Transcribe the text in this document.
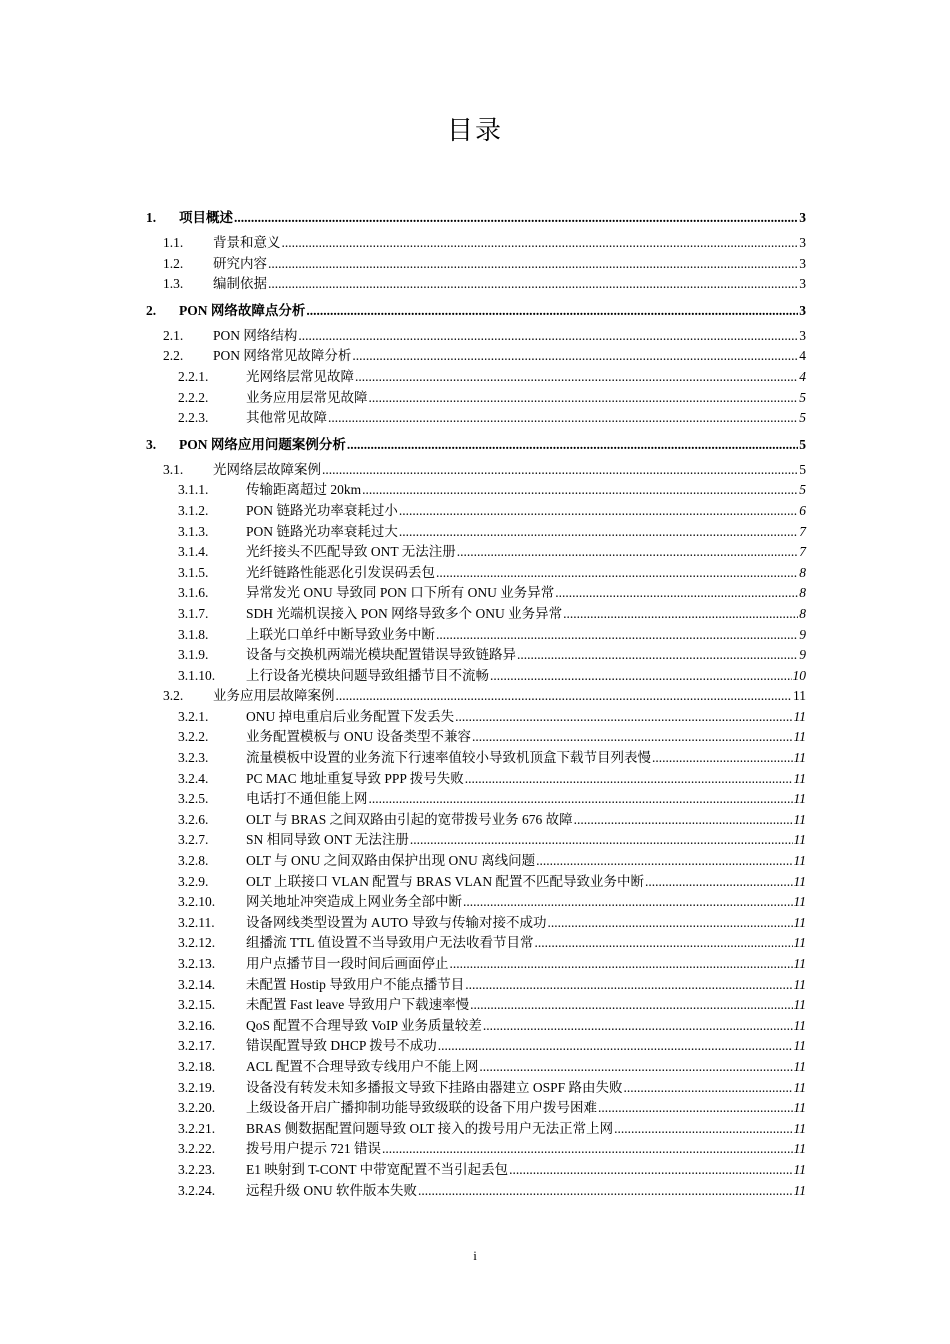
目录
1.	项目概述 .....	3
1.1.	背景和意义 .....	3
1.2.	研究内容 .....	3
1.3.	编制依据 .....	3
2.	PON 网络故障点分析 .....	3
2.1.	PON 网络结构 .....	3
2.2.	PON 网络常见故障分析 .....	4
2.2.1.	光网络层常见故障 .....	4
2.2.2.	业务应用层常见故障 .....	5
2.2.3.	其他常见故障 .....	5
3.	PON 网络应用问题案例分析 .....	5
3.1.	光网络层故障案例 .....	5
3.1.1.	传输距离超过 20km .....	5
3.1.2.	PON 链路光功率衰耗过小 .....	6
3.1.3.	PON 链路光功率衰耗过大 .....	7
3.1.4.	光纤接头不匹配导致 ONT 无法注册 .....	7
3.1.5.	光纤链路性能恶化引发误码丢包 .....	8
3.1.6.	异常发光 ONU 导致同 PON 口下所有 ONU 业务异常 .....	8
3.1.7.	SDH 光端机误接入 PON 网络导致多个 ONU 业务异常 .....	8
3.1.8.	上联光口单纤中断导致业务中断 .....	9
3.1.9.	设备与交换机两端光模块配置错误导致链路异 .....	9
3.1.10.	上行设备光模块问题导致组播节目不流畅 .....	10
3.2.	业务应用层故障案例 .....	11
3.2.1.	ONU 掉电重启后业务配置下发丢失 .....	11
3.2.2.	业务配置模板与 ONU 设备类型不兼容 .....	11
3.2.3.	流量模板中设置的业务流下行速率值较小导致机顶盒下载节目列表慢 .....	11
3.2.4.	PC MAC 地址重复导致 PPP 拨号失败 .....	11
3.2.5.	电话打不通但能上网 .....	11
3.2.6.	OLT 与 BRAS 之间双路由引起的宽带拨号业务 676 故障 .....	11
3.2.7.	SN 相同导致 ONT 无法注册 .....	11
3.2.8.	OLT 与 ONU 之间双路由保护出现 ONU 离线问题 .....	11
3.2.9.	OLT 上联接口 VLAN 配置与 BRAS VLAN 配置不匹配导致业务中断 .....	11
3.2.10.	网关地址冲突造成上网业务全部中断 .....	11
3.2.11.	设备网线类型设置为 AUTO 导致与传输对接不成功 .....	11
3.2.12.	组播流 TTL 值设置不当导致用户无法收看节目常 .....	11
3.2.13.	用户点播节目一段时间后画面停止 .....	11
3.2.14.	未配置 Hostip 导致用户不能点播节目 .....	11
3.2.15.	未配置 Fast leave 导致用户下载速率慢 .....	11
3.2.16.	QoS 配置不合理导致 VoIP 业务质量较差 .....	11
3.2.17.	错误配置导致 DHCP 拨号不成功 .....	11
3.2.18.	ACL 配置不合理导致专线用户不能上网 .....	11
3.2.19.	设备没有转发未知多播报文导致下挂路由器建立 OSPF 路由失败 .....	11
3.2.20.	上级设备开启广播抑制功能导致级联的设备下用户拨号困难 .....	11
3.2.21.	BRAS 侧数据配置问题导致 OLT 接入的拨号用户无法正常上网 .....	11
3.2.22.	拨号用户提示 721 错误 .....	11
3.2.23.	E1 映射到 T-CONT 中带宽配置不当引起丢包 .....	11
3.2.24.	远程升级 ONU 软件版本失败 .....	11
i
